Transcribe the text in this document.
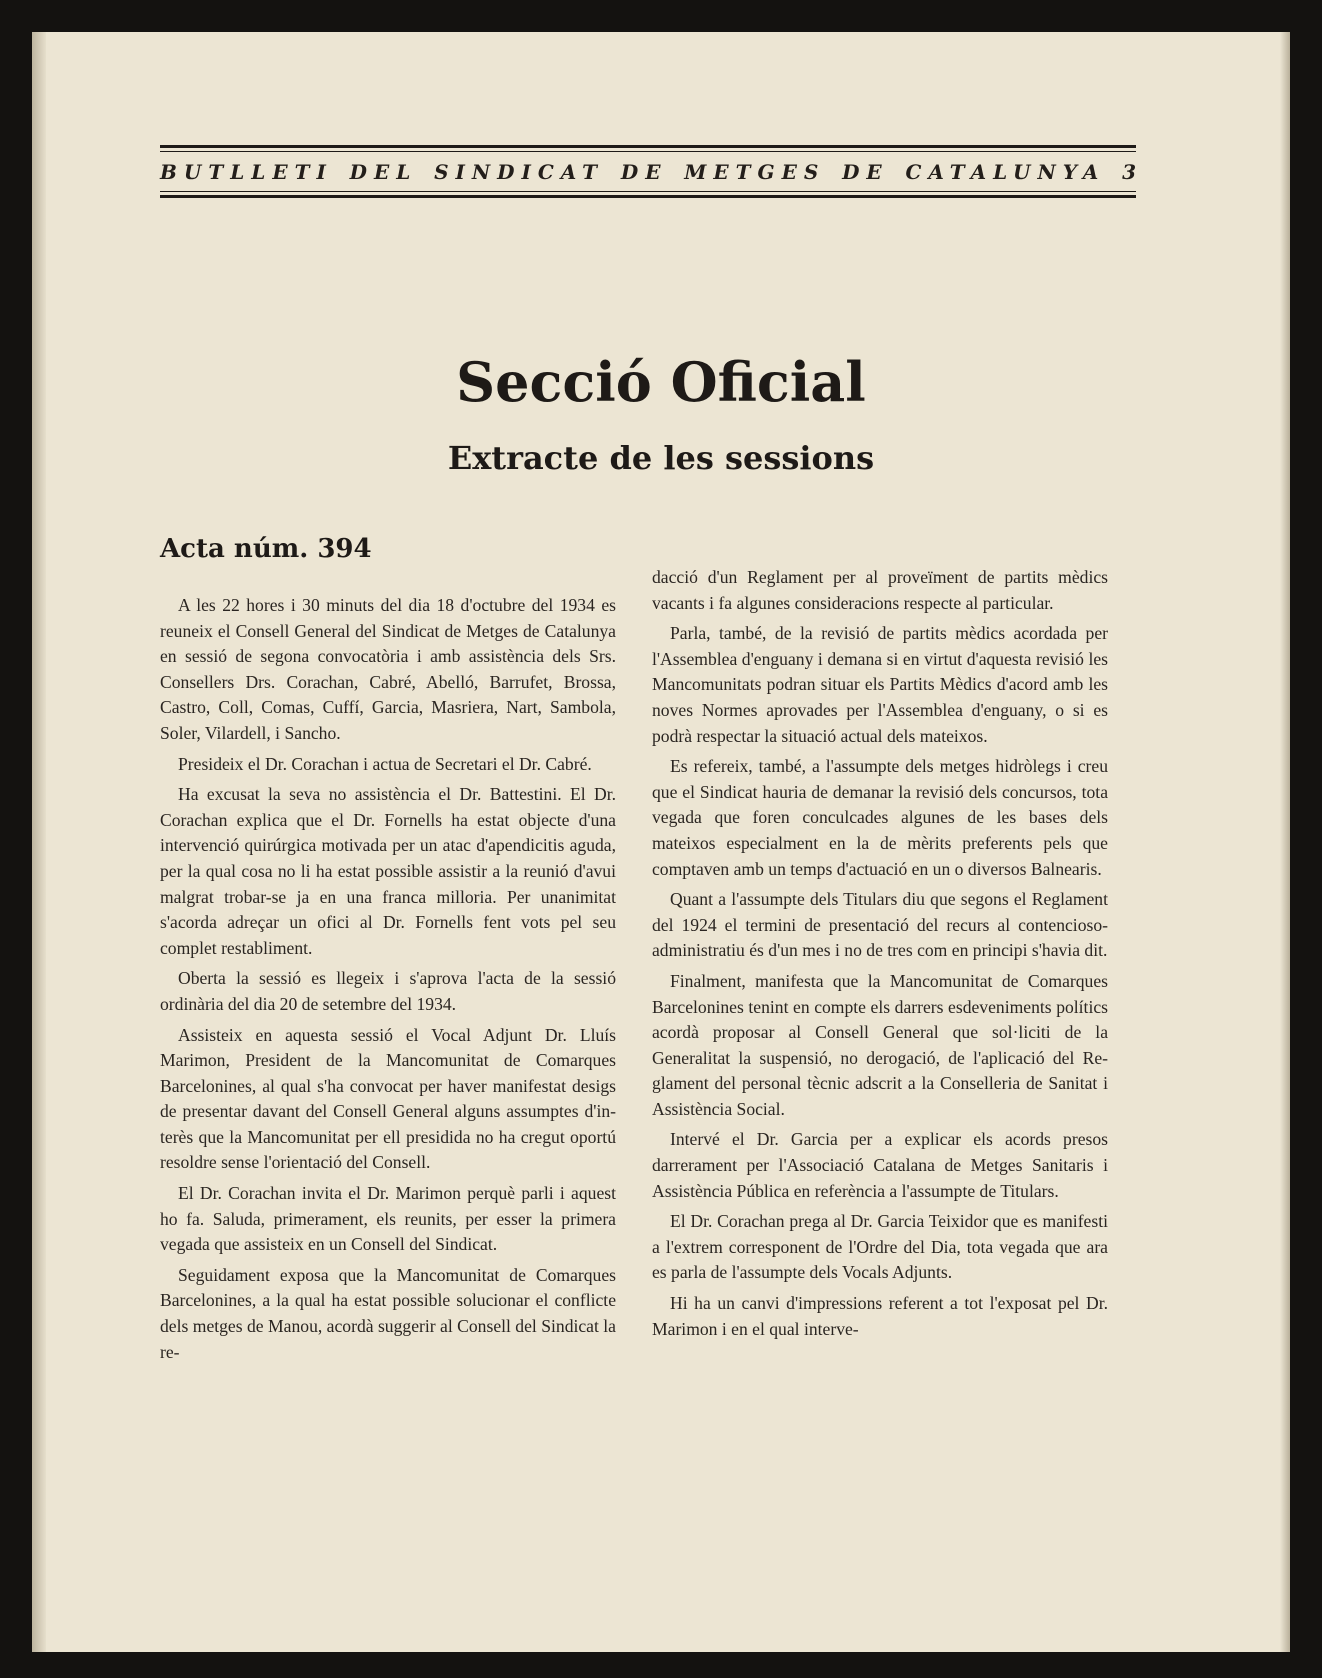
BUTLLETI DEL SINDICAT DE METGES DE CATALUNYA 3
Secció Oficial
Extracte de les sessions
Acta núm. 394

A les 22 hores i 30 minuts del dia 18 d'octubre del 1934 es reuneix el Consell General del Sindicat de Metges de Catalunya en sessió de segona convocatòria i amb assistència dels Srs. Consellers Drs. Corachan, Cabré, Abelló, Barrufet, Brossa, Castro, Coll, Comas, Cuffí, Garcia, Masriera, Nart, Sambola, Soler, Vilardell, i Sancho.

Presideix el Dr. Corachan i actua de Secretari el Dr. Cabré.

Ha excusat la seva no assistència el Dr. Battestini. El Dr. Corachan explica que el Dr. Fornells ha estat objecte d'una intervenció quirúrgica motivada per un atac d'apendicitis aguda, per la qual cosa no li ha estat possible assistir a la reunió d'avui malgrat trobar-se ja en una franca milloria. Per unanimitat s'acorda adreçar un ofici al Dr. Fornells fent vots pel seu complet restabliment.

Oberta la sessió es llegeix i s'aprova l'acta de la sessió ordinària del dia 20 de setembre del 1934.

Assisteix en aquesta sessió el Vocal Adjunt Dr. Lluís Marimon, President de la Mancomunitat de Comarques Barcelonines, al qual s'ha convocat per haver manifestat desigs de presentar davant del Consell General alguns assumptes d'interès que la Mancomunitat per ell presidida no ha cregut oportú resoldre sense l'orientació del Consell.

El Dr. Corachan invita el Dr. Marimon perquè parli i aquest ho fa. Saluda, primerament, els reunits, per esser la primera vegada que assisteix en un Consell del Sindicat.

Seguidament exposa que la Mancomunitat de Comarques Barcelonines, a la qual ha estat possible solucionar el conflicte dels metges de Manou, acordà suggerir al Consell del Sindicat la re-

dacció d'un Reglament per al proveïment de partits mèdics vacants i fa algunes consideracions respecte al particular.

Parla, també, de la revisió de partits mèdics acordada per l'Assemblea d'enguany i demana si en virtut d'aquesta revisió les Mancomunitats podran situar els Partits Mèdics d'acord amb les noves Normes aprovades per l'Assemblea d'enguany, o si es podrà respectar la situació actual dels mateixos.

Es refereix, també, a l'assumpte dels metges hidròlegs i creu que el Sindicat hauria de demanar la revisió dels concursos, tota vegada que foren conculcades algunes de les bases dels mateixos especialment en la de mèrits preferents pels que comptaven amb un temps d'actuació en un o diversos Balnearis.

Quant a l'assumpte dels Titulars diu que segons el Reglament del 1924 el termini de presentació del recurs al contencioso-administratiu és d'un mes i no de tres com en principi s'havia dit.

Finalment, manifesta que la Mancomunitat de Comarques Barcelonines tenint en compte els darrers esdeveniments polítics acordà proposar al Consell General que sol·liciti de la Generalitat la suspensió, no derogació, de l'aplicació del Reglament del personal tècnic adscrit a la Conselleria de Sanitat i Assistència Social.

Intervé el Dr. Garcia per a explicar els acords presos darrerament per l'Associació Catalana de Metges Sanitaris i Assistència Pública en referència a l'assumpte de Titulars.

El Dr. Corachan prega al Dr. Garcia Teixidor que es manifesti a l'extrem corresponent de l'Ordre del Dia, tota vegada que ara es parla de l'assumpte dels Vocals Adjunts.

Hi ha un canvi d'impressions referent a tot l'exposat pel Dr. Marimon i en el qual interve-
